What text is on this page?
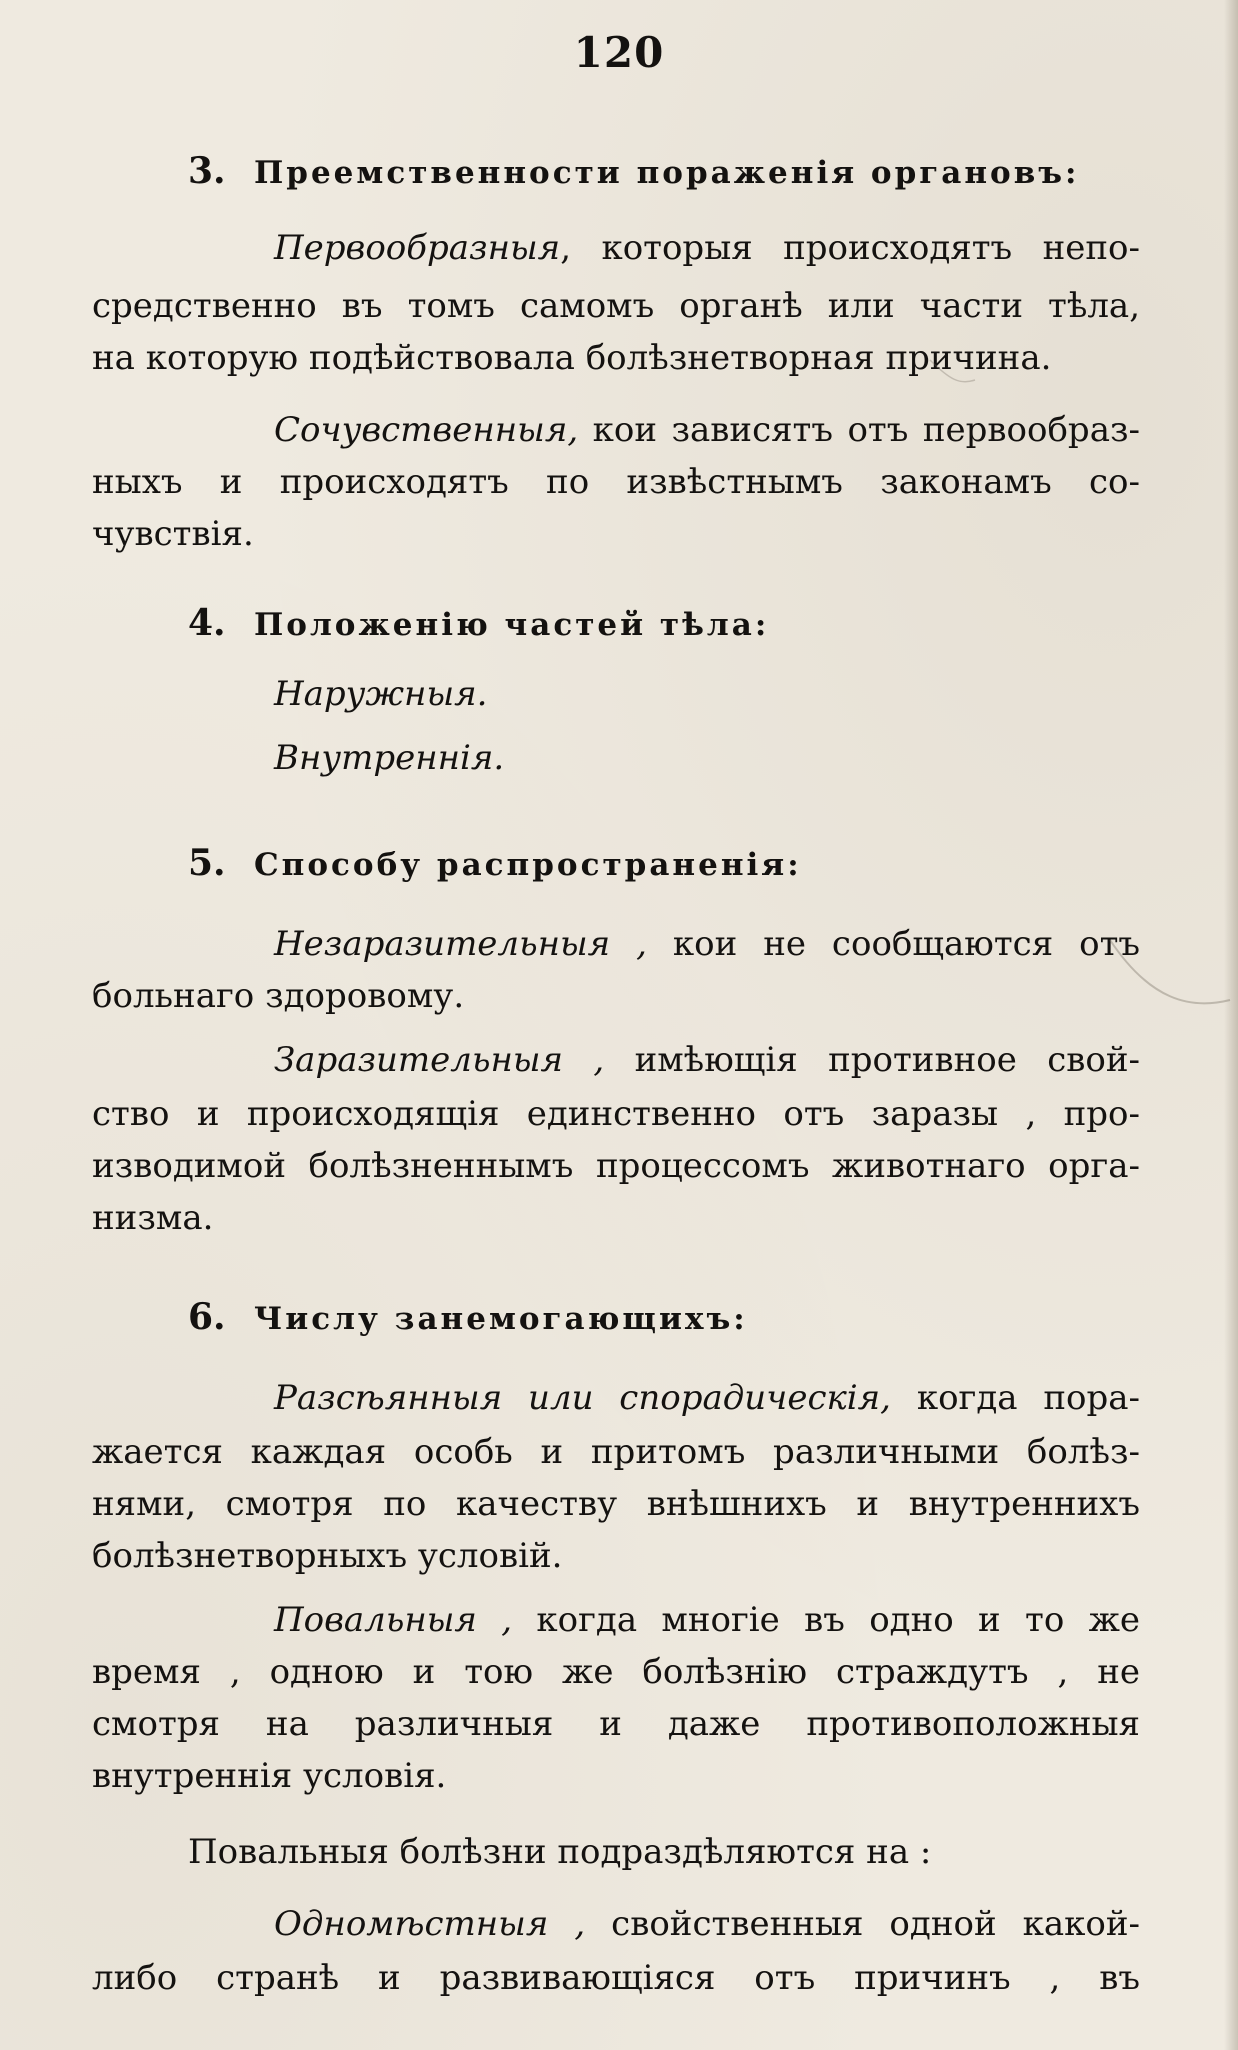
120
3. Преемственности пораженія органовъ:
Первообразныя, которыя происходятъ непо-
средственно въ томъ самомъ органѣ или части тѣла,
на которую подѣйствовала болѣзнетворная причина.
Сочувственныя, кои зависятъ отъ первообраз-
ныхъ и происходятъ по извѣстнымъ законамъ со-
чувствія.
4. Положенію частей тѣла:
Наружныя.
Внутреннія.
5. Способу распространенія:
Незаразительныя , кои не сообщаются отъ
больнаго здоровому.
Заразительныя , имѣющія противное свой-
ство и происходящія единственно отъ заразы , про-
изводимой болѣзненнымъ процессомъ животнаго орга-
низма.
6. Числу занемогающихъ:
Разсѣянныя или спорадическія, когда пора-
жается каждая особь и притомъ различными болѣз-
нями, смотря по качеству внѣшнихъ и внутреннихъ
болѣзнетворныхъ условій.
Повальныя , когда многіе въ одно и то же
время , одною и тою же болѣзнію страждутъ , не
смотря на различныя и даже противоположныя
внутреннія условія.
Повальныя болѣзни подраздѣляются на :
Одномѣстныя , свойственныя одной какой-
либо странѣ и развивающіяся отъ причинъ , въ
